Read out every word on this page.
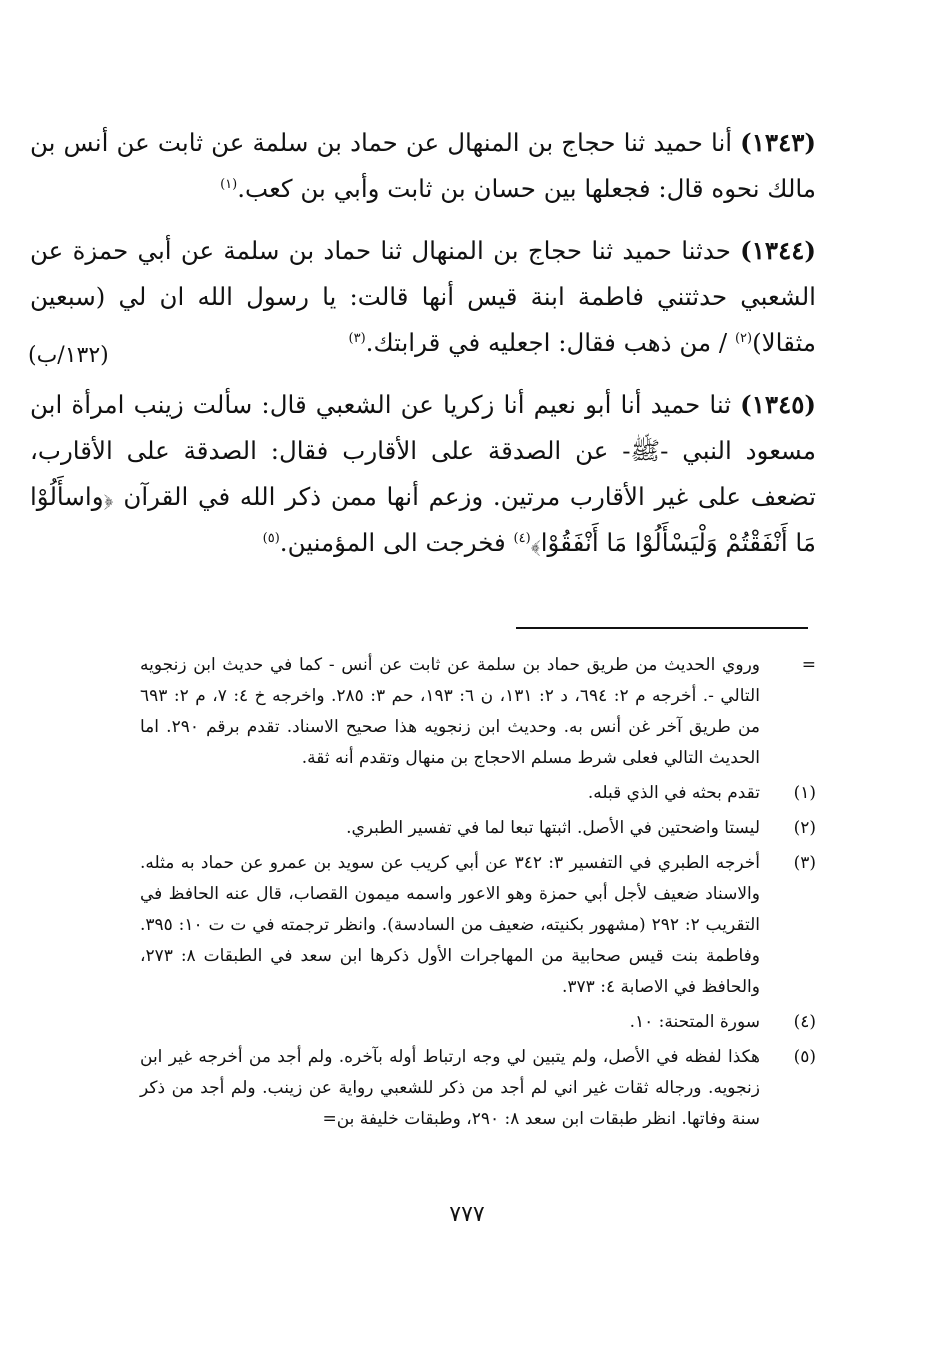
(١٣٤٣) أنا حميد ثنا حجاج بن المنهال عن حماد بن سلمة عن ثابت عن أنس بن مالك نحوه قال: فجعلها بين حسان بن ثابت وأبي بن كعب.$^{(١)}$

(١٣٤٤) حدثنا حميد ثنا حجاج بن المنهال ثنا حماد بن سلمة عن أبي حمزة عن الشعبي حدثتني فاطمة ابنة قيس أنها قالت: يا رسول الله ان لي (سبعين مثقالا)$^{(٢)}$ / من ذهب فقال: اجعليه في قرابتك.$^{(٣)}$

(١٣٤٥) ثنا حميد أنا أبو نعيم أنا زكريا عن الشعبي قال: سألت زينب امرأة ابن مسعود النبي -ﷺ- عن الصدقة على الأقارب فقال: الصدقة على الأقارب، تضعف على غير الأقارب مرتين. وزعم أنها ممن ذكر الله في القرآن ﴿واسأَلُوْا مَا أَنْفَقْتُمْ وَلْيَسْأَلُوْا مَا أَنْفَقُوْا﴾$^{(٤)}$ فخرجت الى المؤمنين.$^{(٥)}$

(١٣٢/ب)
=
وروي الحديث من طريق حماد بن سلمة عن ثابت عن أنس - كما في حديث ابن زنجويه التالي -. أخرجه م ٢: ٦٩٤، د ٢: ١٣١، ن ٦: ١٩٣، حم ٣: ٢٨٥. واخرجه خ ٤: ٧، م ٢: ٦٩٣ من طريق آخر غن أنس به. وحديث ابن زنجويه هذا صحيح الاسناد. تقدم برقم ٢٩٠. اما الحديث التالي فعلى شرط مسلم الاحجاج بن منهال وتقدم أنه ثقة.
(١)
تقدم بحثه في الذي قبله.
(٢)
ليستا واضحتين في الأصل. اثبتها تبعا لما في تفسير الطبري.
(٣)
أخرجه الطبري في التفسير ٣: ٣٤٢ عن أبي كريب عن سويد بن عمرو عن حماد به مثله. والاسناد ضعيف لأجل أبي حمزة وهو الاعور واسمه ميمون القصاب، قال عنه الحافظ في التقريب ٢: ٢٩٢ (مشهور بكنيته، ضعيف من السادسة). وانظر ترجمته في ت ت ١٠: ٣٩٥. وفاطمة بنت قيس صحابية من المهاجرات الأول ذكرها ابن سعد في الطبقات ٨: ٢٧٣، والحافظ في الاصابة ٤: ٣٧٣.
(٤)
سورة المتحنة: ١٠.
(٥)
هكذا لفظه في الأصل، ولم يتبين لي وجه ارتباط أوله بآخره. ولم أجد من أخرجه غير ابن زنجويه. ورجاله ثقات غير اني لم أجد من ذكر للشعبي رواية عن زينب. ولم أجد من ذكر سنة وفاتها. انظر طبقات ابن سعد ٨: ٢٩٠، وطبقات خليفة بن=
٧٧٧
